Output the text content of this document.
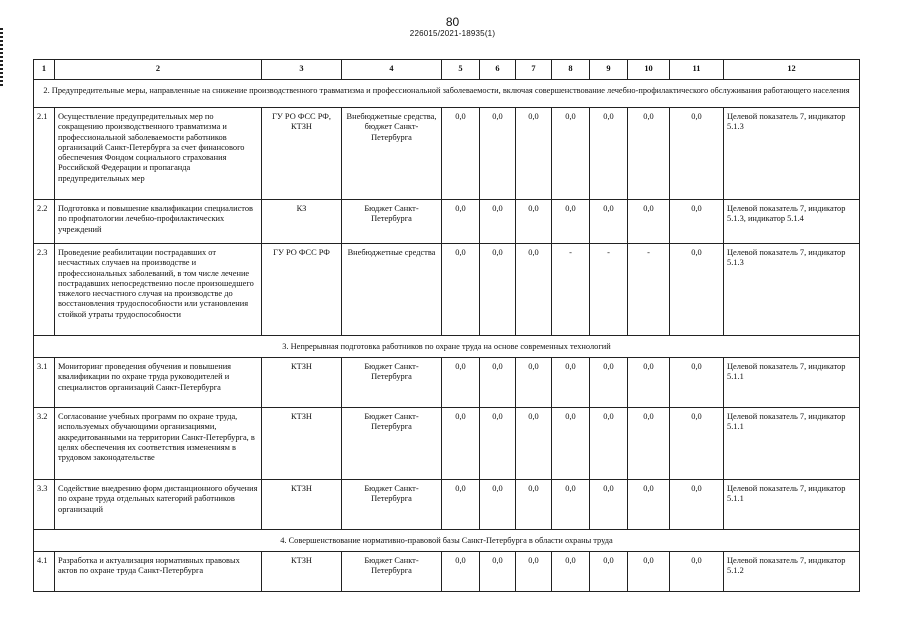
80
226015/2021-18935(1)
1	2	3	4	5	6	7	8	9	10	11	12
2. Предупредительные меры, направленные на снижение производственного травматизма и профессиональной заболеваемости, включая совершенствование лечебно-профилактического обслуживания работающего населения											
2.1	Осуществление предупредительных мер по сокращению производственного травматизма и профессиональной заболеваемости работников организаций Санкт-Петербурга за счет финансового обеспечения Фондом социального страхования Российской Федерации и пропаганда предупредительных мер	ГУ РО ФСС РФ, КТЗН	Внебюджетные средства, бюджет Санкт-Петербурга	0,0	0,0	0,0	0,0	0,0	0,0	0,0	Целевой показатель 7, индикатор 5.1.3
2.2	Подготовка и повышение квалификации специалистов по профпатологии лечебно-профилактических учреждений	КЗ	Бюджет Санкт-Петербурга	0,0	0,0	0,0	0,0	0,0	0,0	0,0	Целевой показатель 7, индикатор 5.1.3, индикатор 5.1.4
2.3	Проведение реабилитации пострадавших от несчастных случаев на производстве и профессиональных заболеваний, в том числе лечение пострадавших непосредственно после произошедшего тяжелого несчастного случая на производстве до восстановления трудоспособности или установления стойкой утраты трудоспособности	ГУ РО ФСС РФ	Внебюджетные средства	0,0	0,0	0,0	-	-	-	0,0	Целевой показатель 7, индикатор 5.1.3
3. Непрерывная подготовка работников по охране труда на основе современных технологий											
3.1	Мониторинг проведения обучения и повышения квалификации по охране труда руководителей и специалистов организаций Санкт-Петербурга	КТЗН	Бюджет Санкт-Петербурга	0,0	0,0	0,0	0,0	0,0	0,0	0,0	Целевой показатель 7, индикатор 5.1.1
3.2	Согласование учебных программ по охране труда, используемых обучающими организациями, аккредитованными на территории Санкт-Петербурга, в целях обеспечения их соответствия изменениям в трудовом законодательстве	КТЗН	Бюджет Санкт-Петербурга	0,0	0,0	0,0	0,0	0,0	0,0	0,0	Целевой показатель 7, индикатор 5.1.1
3.3	Содействие внедрению форм дистанционного обучения по охране труда отдельных категорий работников организаций	КТЗН	Бюджет Санкт-Петербурга	0,0	0,0	0,0	0,0	0,0	0,0	0,0	Целевой показатель 7, индикатор 5.1.1
4. Совершенствование нормативно-правовой базы Санкт-Петербурга в области охраны труда											
4.1	Разработка и актуализация нормативных правовых актов по охране труда Санкт-Петербурга	КТЗН	Бюджет Санкт-Петербурга	0,0	0,0	0,0	0,0	0,0	0,0	0,0	Целевой показатель 7, индикатор 5.1.2
